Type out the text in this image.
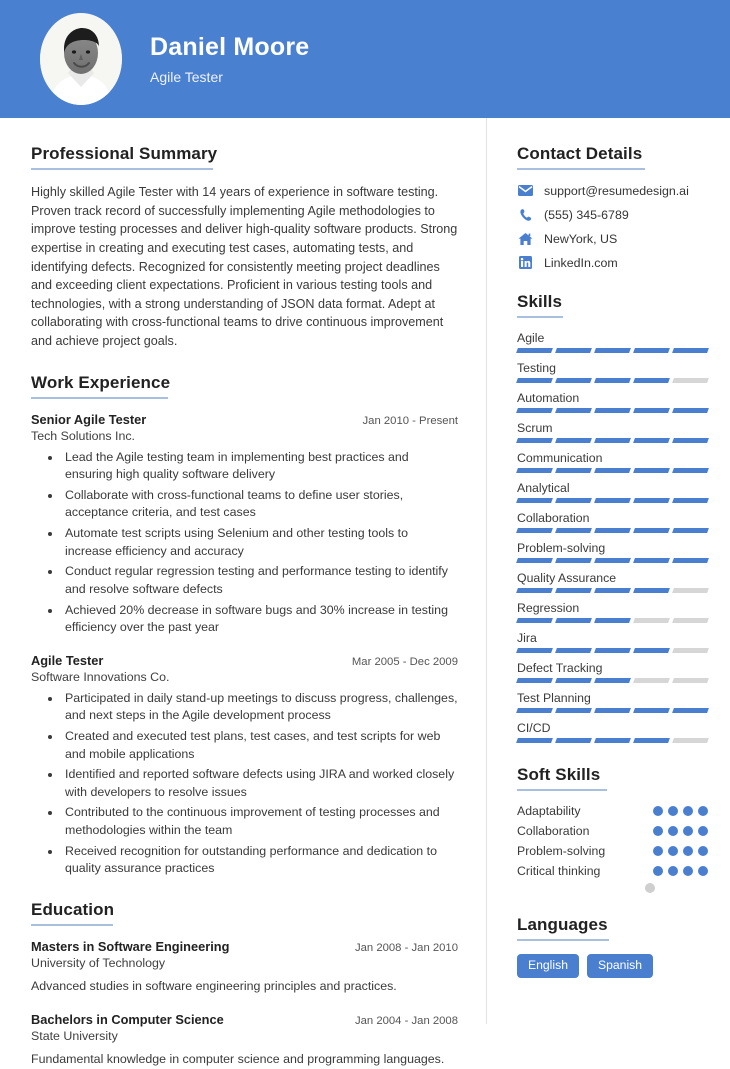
Daniel Moore
Agile Tester
Professional Summary
Highly skilled Agile Tester with 14 years of experience in software testing. Proven track record of successfully implementing Agile methodologies to improve testing processes and deliver high-quality software products. Strong expertise in creating and executing test cases, automating tests, and identifying defects. Recognized for consistently meeting project deadlines and exceeding client expectations. Proficient in various testing tools and technologies, with a strong understanding of JSON data format. Adept at collaborating with cross-functional teams to drive continuous improvement and achieve project goals.
Work Experience
Senior Agile Tester	Jan 2010 - Present
Tech Solutions Inc.
• Lead the Agile testing team in implementing best practices and ensuring high quality software delivery
• Collaborate with cross-functional teams to define user stories, acceptance criteria, and test cases
• Automate test scripts using Selenium and other testing tools to increase efficiency and accuracy
• Conduct regular regression testing and performance testing to identify and resolve software defects
• Achieved 20% decrease in software bugs and 30% increase in testing efficiency over the past year
Agile Tester	Mar 2005 - Dec 2009
Software Innovations Co.
• Participated in daily stand-up meetings to discuss progress, challenges, and next steps in the Agile development process
• Created and executed test plans, test cases, and test scripts for web and mobile applications
• Identified and reported software defects using JIRA and worked closely with developers to resolve issues
• Contributed to the continuous improvement of testing processes and methodologies within the team
• Received recognition for outstanding performance and dedication to quality assurance practices
Education
Masters in Software Engineering	Jan 2008 - Jan 2010
University of Technology
Advanced studies in software engineering principles and practices.
Bachelors in Computer Science	Jan 2004 - Jan 2008
State University
Fundamental knowledge in computer science and programming languages.
Contact Details
support@resumedesign.ai
(555) 345-6789
NewYork, US
LinkedIn.com
Skills
Agile
Testing
Automation
Scrum
Communication
Analytical
Collaboration
Problem-solving
Quality Assurance
Regression
Jira
Defect Tracking
Test Planning
CI/CD
Soft Skills
Adaptability
Collaboration
Problem-solving
Critical thinking
Languages
English	Spanish
